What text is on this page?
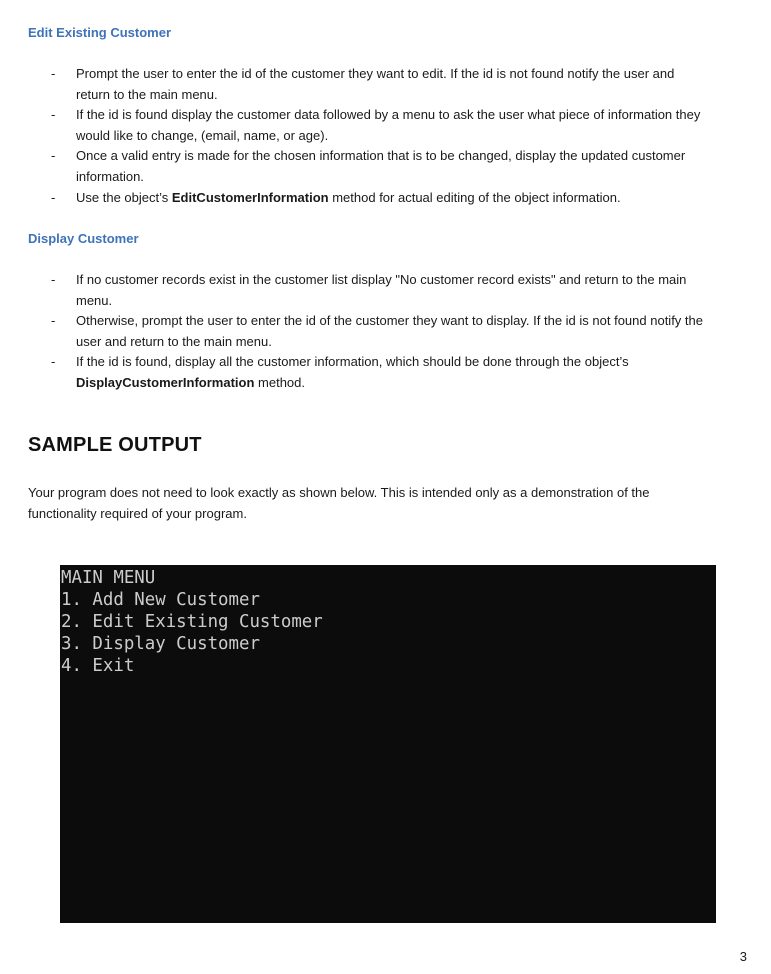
Edit Existing Customer
- Prompt the user to enter the id of the customer they want to edit. If the id is not found notify the user and
return to the main menu.
- If the id is found display the customer data followed by a menu to ask the user what piece of information they
would like to change, (email, name, or age).
- Once a valid entry is made for the chosen information that is to be changed, display the updated customer
information.
- Use the object’s EditCustomerInformation method for actual editing of the object information.
Display Customer
- If no customer records exist in the customer list display "No customer record exists" and return to the main
menu.
- Otherwise, prompt the user to enter the id of the customer they want to display. If the id is not found notify the
user and return to the main menu.
- If the id is found, display all the customer information, which should be done through the object’s
DisplayCustomerInformation method.
SAMPLE OUTPUT

Your program does not need to look exactly as shown below. This is intended only as a demonstration of the
functionality required of your program.

MAIN MENU
1. Add New Customer
2. Edit Existing Customer
3. Display Customer
4. Exit
3
